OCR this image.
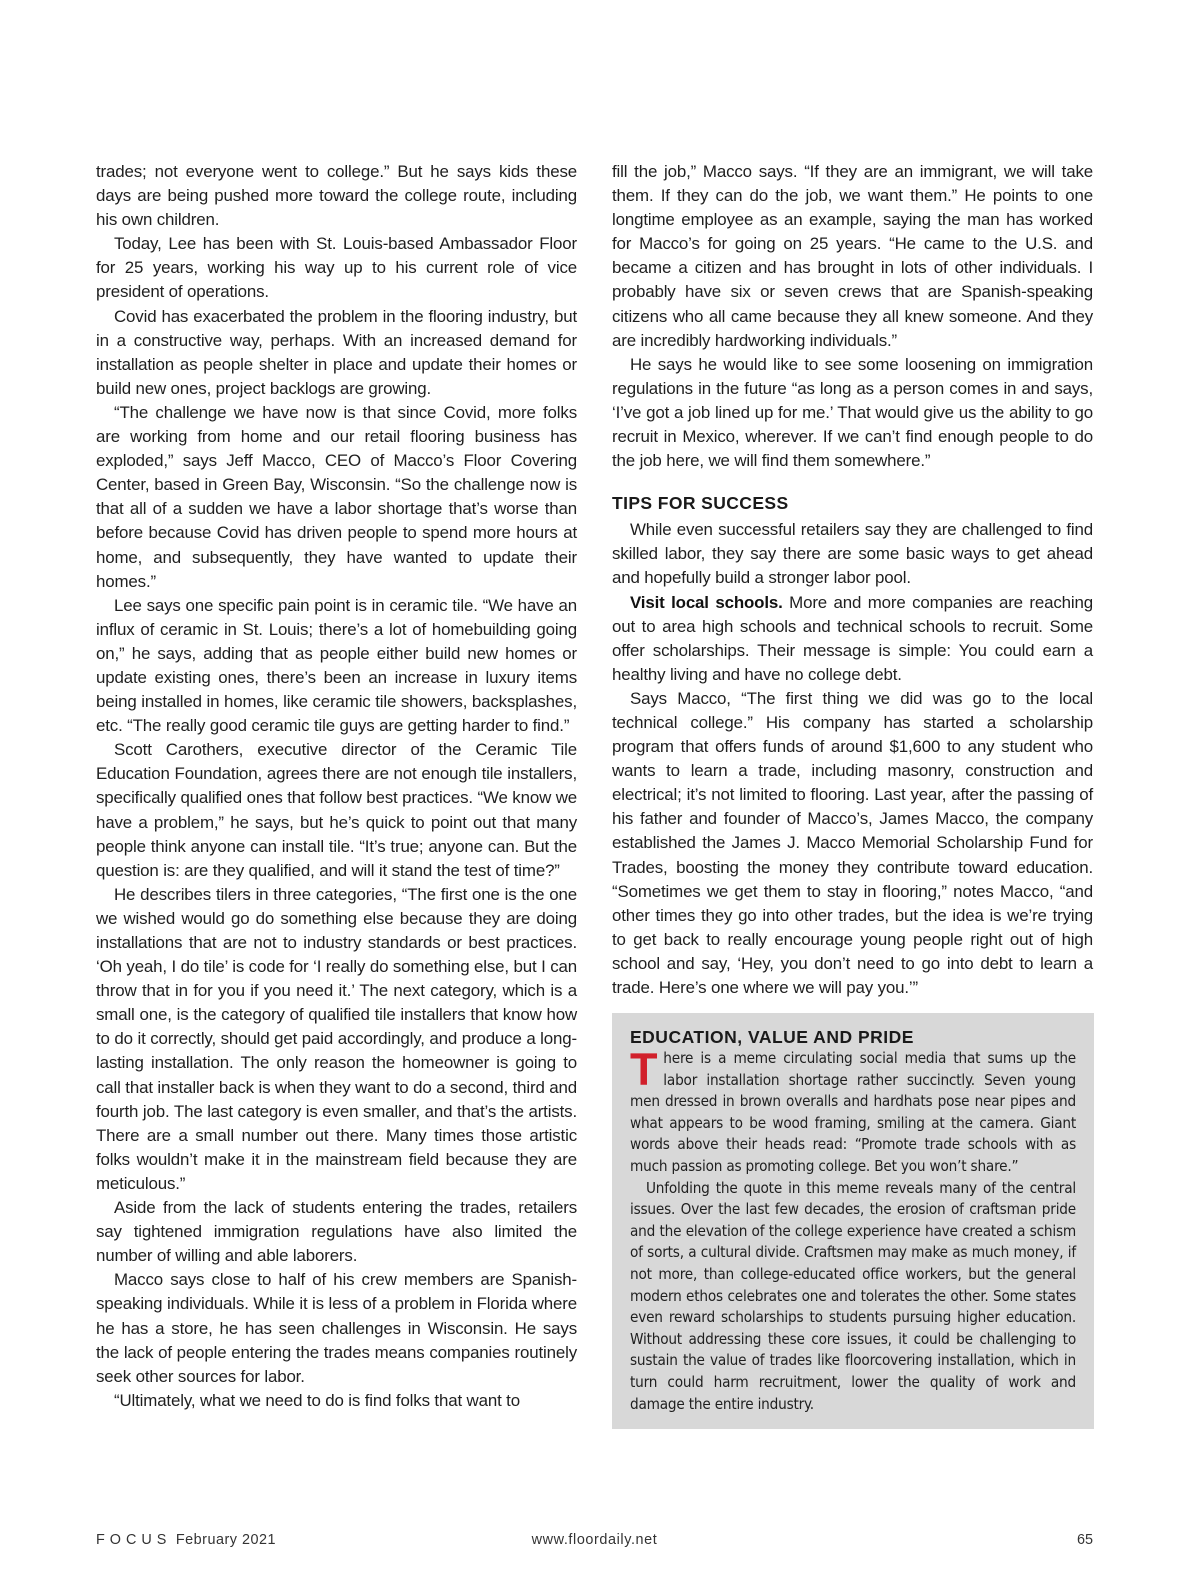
trades; not everyone went to college.” But he says kids these days are being pushed more toward the college route, including his own children.

Today, Lee has been with St. Louis-based Ambassador Floor for 25 years, working his way up to his current role of vice president of operations.

Covid has exacerbated the problem in the flooring industry, but in a constructive way, perhaps. With an increased demand for installation as people shelter in place and update their homes or build new ones, project backlogs are growing.

“The challenge we have now is that since Covid, more folks are working from home and our retail flooring business has exploded,” says Jeff Macco, CEO of Macco’s Floor Covering Center, based in Green Bay, Wisconsin. “So the challenge now is that all of a sudden we have a labor shortage that’s worse than before because Covid has driven people to spend more hours at home, and subsequently, they have wanted to update their homes.”

Lee says one specific pain point is in ceramic tile. “We have an influx of ceramic in St. Louis; there’s a lot of homebuilding going on,” he says, adding that as people either build new homes or update existing ones, there’s been an increase in luxury items being installed in homes, like ceramic tile showers, backsplashes, etc. “The really good ceramic tile guys are getting harder to find.”

Scott Carothers, executive director of the Ceramic Tile Education Foundation, agrees there are not enough tile installers, specifically qualified ones that follow best practices. “We know we have a problem,” he says, but he’s quick to point out that many people think anyone can install tile. “It’s true; anyone can. But the question is: are they qualified, and will it stand the test of time?”

He describes tilers in three categories, “The first one is the one we wished would go do something else because they are doing installations that are not to industry standards or best practices. ‘Oh yeah, I do tile’ is code for ‘I really do something else, but I can throw that in for you if you need it.’ The next category, which is a small one, is the category of qualified tile installers that know how to do it correctly, should get paid accordingly, and produce a long-lasting installation. The only reason the homeowner is going to call that installer back is when they want to do a second, third and fourth job. The last category is even smaller, and that’s the artists. There are a small number out there. Many times those artistic folks wouldn’t make it in the mainstream field because they are meticulous.”

Aside from the lack of students entering the trades, retailers say tightened immigration regulations have also limited the number of willing and able laborers.

Macco says close to half of his crew members are Spanish-speaking individuals. While it is less of a problem in Florida where he has a store, he has seen challenges in Wisconsin. He says the lack of people entering the trades means companies routinely seek other sources for labor.

“Ultimately, what we need to do is find folks that want to

fill the job,” Macco says. “If they are an immigrant, we will take them. If they can do the job, we want them.” He points to one longtime employee as an example, saying the man has worked for Macco’s for going on 25 years. “He came to the U.S. and became a citizen and has brought in lots of other individuals. I probably have six or seven crews that are Spanish-speaking citizens who all came because they all knew someone. And they are incredibly hardworking individuals.”

He says he would like to see some loosening on immigration regulations in the future “as long as a person comes in and says, ‘I’ve got a job lined up for me.’ That would give us the ability to go recruit in Mexico, wherever. If we can’t find enough people to do the job here, we will find them somewhere.”

TIPS FOR SUCCESS

While even successful retailers say they are challenged to find skilled labor, they say there are some basic ways to get ahead and hopefully build a stronger labor pool.

Visit local schools. More and more companies are reaching out to area high schools and technical schools to recruit. Some offer scholarships. Their message is simple: You could earn a healthy living and have no college debt.

Says Macco, “The first thing we did was go to the local technical college.” His company has started a scholarship program that offers funds of around $1,600 to any student who wants to learn a trade, including masonry, construction and electrical; it’s not limited to flooring. Last year, after the passing of his father and founder of Macco’s, James Macco, the company established the James J. Macco Memorial Scholarship Fund for Trades, boosting the money they contribute toward education. “Sometimes we get them to stay in flooring,” notes Macco, “and other times they go into other trades, but the idea is we’re trying to get back to really encourage young people right out of high school and say, ‘Hey, you don’t need to go into debt to learn a trade. Here’s one where we will pay you.’”

EDUCATION, VALUE AND PRIDE

There is a meme circulating social media that sums up the labor installation shortage rather succinctly. Seven young men dressed in brown overalls and hardhats pose near pipes and what appears to be wood framing, smiling at the camera. Giant words above their heads read: “Promote trade schools with as much passion as promoting college. Bet you won’t share.”

Unfolding the quote in this meme reveals many of the central issues. Over the last few decades, the erosion of craftsman pride and the elevation of the college experience have created a schism of sorts, a cultural divide. Craftsmen may make as much money, if not more, than college-educated office workers, but the general modern ethos celebrates one and tolerates the other. Some states even reward scholarships to students pursuing higher education. Without addressing these core issues, it could be challenging to sustain the value of trades like floorcovering installation, which in turn could harm recruitment, lower the quality of work and damage the entire industry.

FOCUS February 2021	www.floordaily.net	65
